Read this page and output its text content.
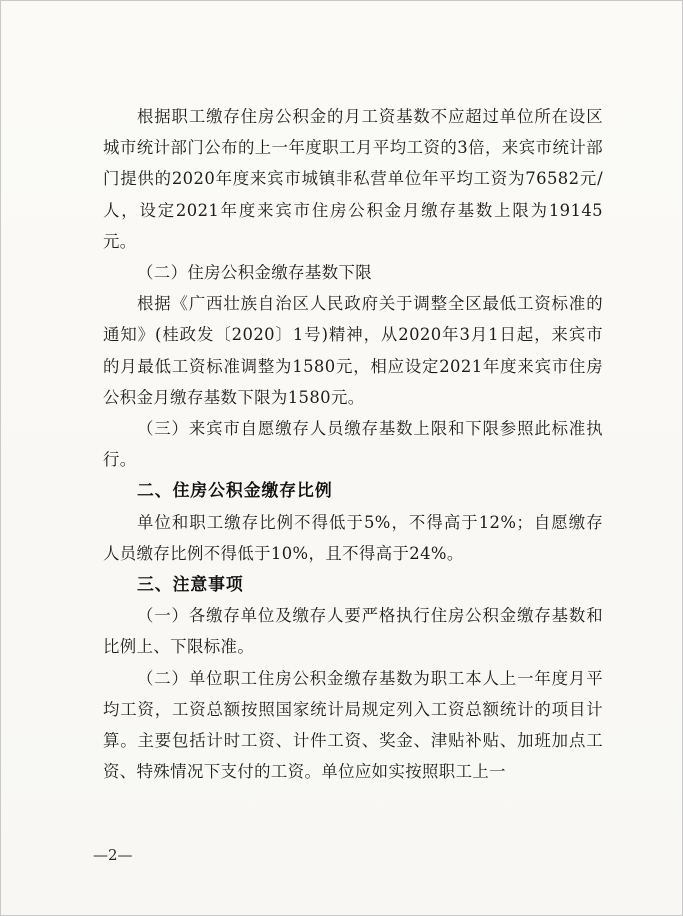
根据职工缴存住房公积金的月工资基数不应超过单位所在设区城市统计部门公布的上一年度职工月平均工资的3倍，来宾市统计部门提供的2020年度来宾市城镇非私营单位年平均工资为76582元/人，设定2021年度来宾市住房公积金月缴存基数上限为19145元。

（二）住房公积金缴存基数下限

根据《广西壮族自治区人民政府关于调整全区最低工资标准的通知》(桂政发〔2020〕1号)精神，从2020年3月1日起，来宾市的月最低工资标准调整为1580元，相应设定2021年度来宾市住房公积金月缴存基数下限为1580元。

（三）来宾市自愿缴存人员缴存基数上限和下限参照此标准执行。

二、住房公积金缴存比例

单位和职工缴存比例不得低于5%，不得高于12%；自愿缴存人员缴存比例不得低于10%，且不得高于24%。

三、注意事项

（一）各缴存单位及缴存人要严格执行住房公积金缴存基数和比例上、下限标准。

（二）单位职工住房公积金缴存基数为职工本人上一年度月平均工资，工资总额按照国家统计局规定列入工资总额统计的项目计算。主要包括计时工资、计件工资、奖金、津贴补贴、加班加点工资、特殊情况下支付的工资。单位应如实按照职工上一

—2—
